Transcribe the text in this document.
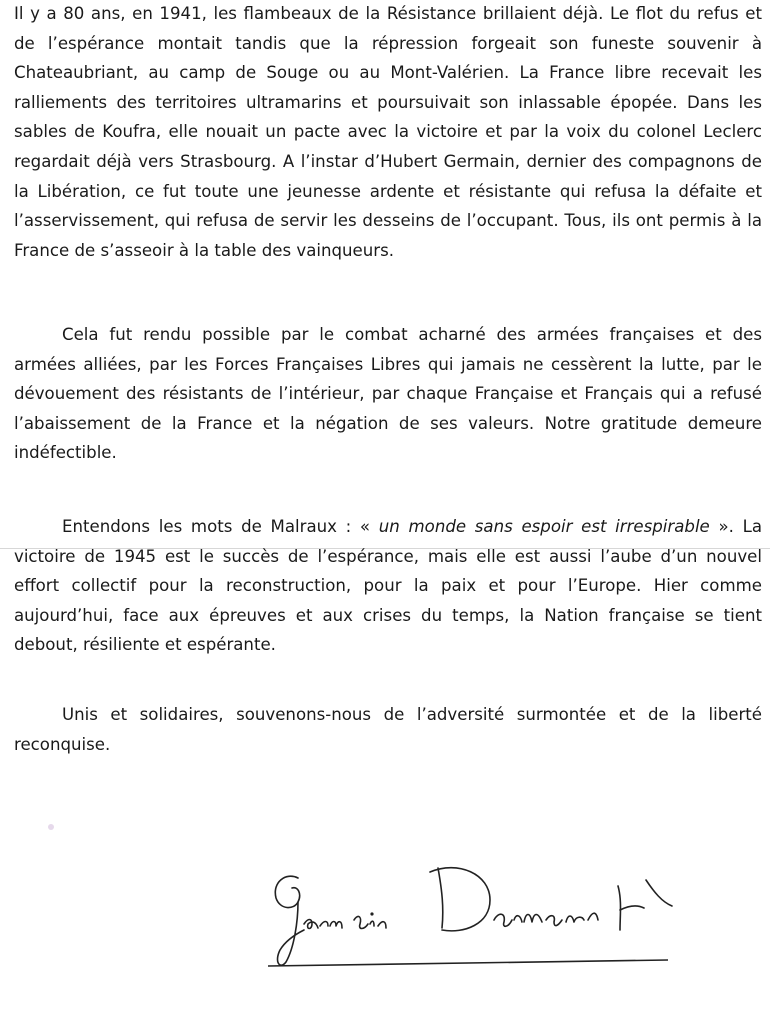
Il y a 80 ans, en 1941, les flambeaux de la Résistance brillaient déjà. Le flot du refus et de l’espérance montait tandis que la répression forgeait son funeste souvenir à Chateaubriant, au camp de Souge ou au Mont-Valérien. La France libre recevait les ralliements des territoires ultramarins et poursuivait son inlassable épopée. Dans les sables de Koufra, elle nouait un pacte avec la victoire et par la voix du colonel Leclerc regardait déjà vers Strasbourg. A l’instar d’Hubert Germain, dernier des compagnons de la Libération, ce fut toute une jeunesse ardente et résistante qui refusa la défaite et l’asservissement, qui refusa de servir les desseins de l’occupant. Tous, ils ont permis à la France de s’asseoir à la table des vainqueurs.

Cela fut rendu possible par le combat acharné des armées françaises et des armées alliées, par les Forces Françaises Libres qui jamais ne cessèrent la lutte, par le dévouement des résistants de l’intérieur, par chaque Française et Français qui a refusé l’abaissement de la France et la négation de ses valeurs. Notre gratitude demeure indéfectible.

Entendons les mots de Malraux : « un monde sans espoir est irrespirable ». La victoire de 1945 est le succès de l’espérance, mais elle est aussi l’aube d’un nouvel effort collectif pour la reconstruction, pour la paix et pour l’Europe. Hier comme aujourd’hui, face aux épreuves et aux crises du temps, la Nation française se tient debout, résiliente et espérante.

Unis et solidaires, souvenons-nous de l’adversité surmontée et de la liberté reconquise.
